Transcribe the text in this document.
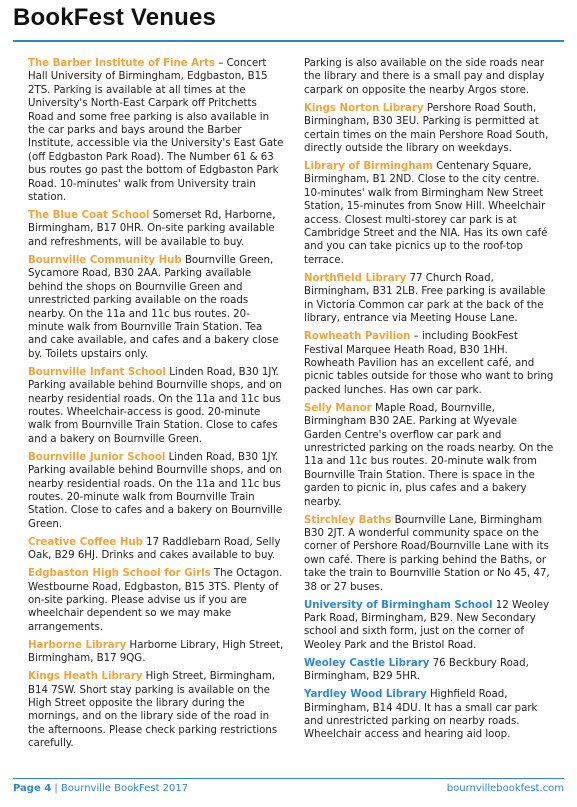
BookFest Venues

The Barber Institute of Fine Arts – Concert Hall University of Birmingham, Edgbaston, B15 2TS. Parking is available at all times at the University's North-East Carpark off Pritchetts Road and some free parking is also available in the car parks and bays around the Barber Institute, accessible via the University's East Gate (off Edgbaston Park Road). The Number 61 & 63 bus routes go past the bottom of Edgbaston Park Road. 10-minutes' walk from University train station.

The Blue Coat School Somerset Rd, Harborne, Birmingham, B17 0HR. On-site parking available and refreshments, will be available to buy.

Bournville Community Hub Bournville Green, Sycamore Road, B30 2AA. Parking available behind the shops on Bournville Green and unrestricted parking available on the roads nearby. On the 11a and 11c bus routes. 20-minute walk from Bournville Train Station. Tea and cake available, and cafes and a bakery close by. Toilets upstairs only.

Bournville Infant School Linden Road, B30 1JY. Parking available behind Bournville shops, and on nearby residential roads. On the 11a and 11c bus routes. Wheelchair-access is good. 20-minute walk from Bournville Train Station. Close to cafes and a bakery on Bournville Green.

Bournville Junior School Linden Road, B30 1JY. Parking available behind Bournville shops, and on nearby residential roads. On the 11a and 11c bus routes. 20-minute walk from Bournville Train Station. Close to cafes and a bakery on Bournville Green.

Creative Coffee Hub 17 Raddlebarn Road, Selly Oak, B29 6HJ. Drinks and cakes available to buy.

Edgbaston High School for Girls The Octagon. Westbourne Road, Edgbaston, B15 3TS. Plenty of on-site parking. Please advise us if you are wheelchair dependent so we may make arrangements.

Harborne Library Harborne Library, High Street, Birmingham, B17 9QG.

Kings Heath Library High Street, Birmingham, B14 7SW. Short stay parking is available on the High Street opposite the library during the mornings, and on the library side of the road in the afternoons. Please check parking restrictions carefully.

Parking is also available on the side roads near the library and there is a small pay and display carpark on opposite the nearby Argos store.

Kings Norton Library Pershore Road South, Birmingham, B30 3EU. Parking is permitted at certain times on the main Pershore Road South, directly outside the library on weekdays.

Library of Birmingham Centenary Square, Birmingham, B1 2ND. Close to the city centre. 10-minutes' walk from Birmingham New Street Station, 15-minutes from Snow Hill. Wheelchair access. Closest multi-storey car park is at Cambridge Street and the NIA. Has its own café and you can take picnics up to the roof-top terrace.

Northfield Library 77 Church Road, Birmingham, B31 2LB. Free parking is available in Victoria Common car park at the back of the library, entrance via Meeting House Lane.

Rowheath Pavilion – including BookFest Festival Marquee Heath Road, B30 1HH. Rowheath Pavilion has an excellent café, and picnic tables outside for those who want to bring packed lunches. Has own car park.

Selly Manor Maple Road, Bournville, Birmingham B30 2AE. Parking at Wyevale Garden Centre's overflow car park and unrestricted parking on the roads nearby. On the 11a and 11c bus routes. 20-minute walk from Bournville Train Station. There is space in the garden to picnic in, plus cafes and a bakery nearby.

Stirchley Baths Bournville Lane, Birmingham B30 2JT. A wonderful community space on the corner of Pershore Road/Bournville Lane with its own café. There is parking behind the Baths, or take the train to Bournville Station or No 45, 47, 38 or 27 buses.

University of Birmingham School 12 Weoley Park Road, Birmingham, B29. New Secondary school and sixth form, just on the corner of Weoley Park and the Bristol Road.

Weoley Castle Library 76 Beckbury Road, Birmingham, B29 5HR.

Yardley Wood Library Highfield Road, Birmingham, B14 4DU. It has a small car park and unrestricted parking on nearby roads. Wheelchair access and hearing aid loop.

Page 4 | Bournville BookFest 2017	bournvillebookfest.com
